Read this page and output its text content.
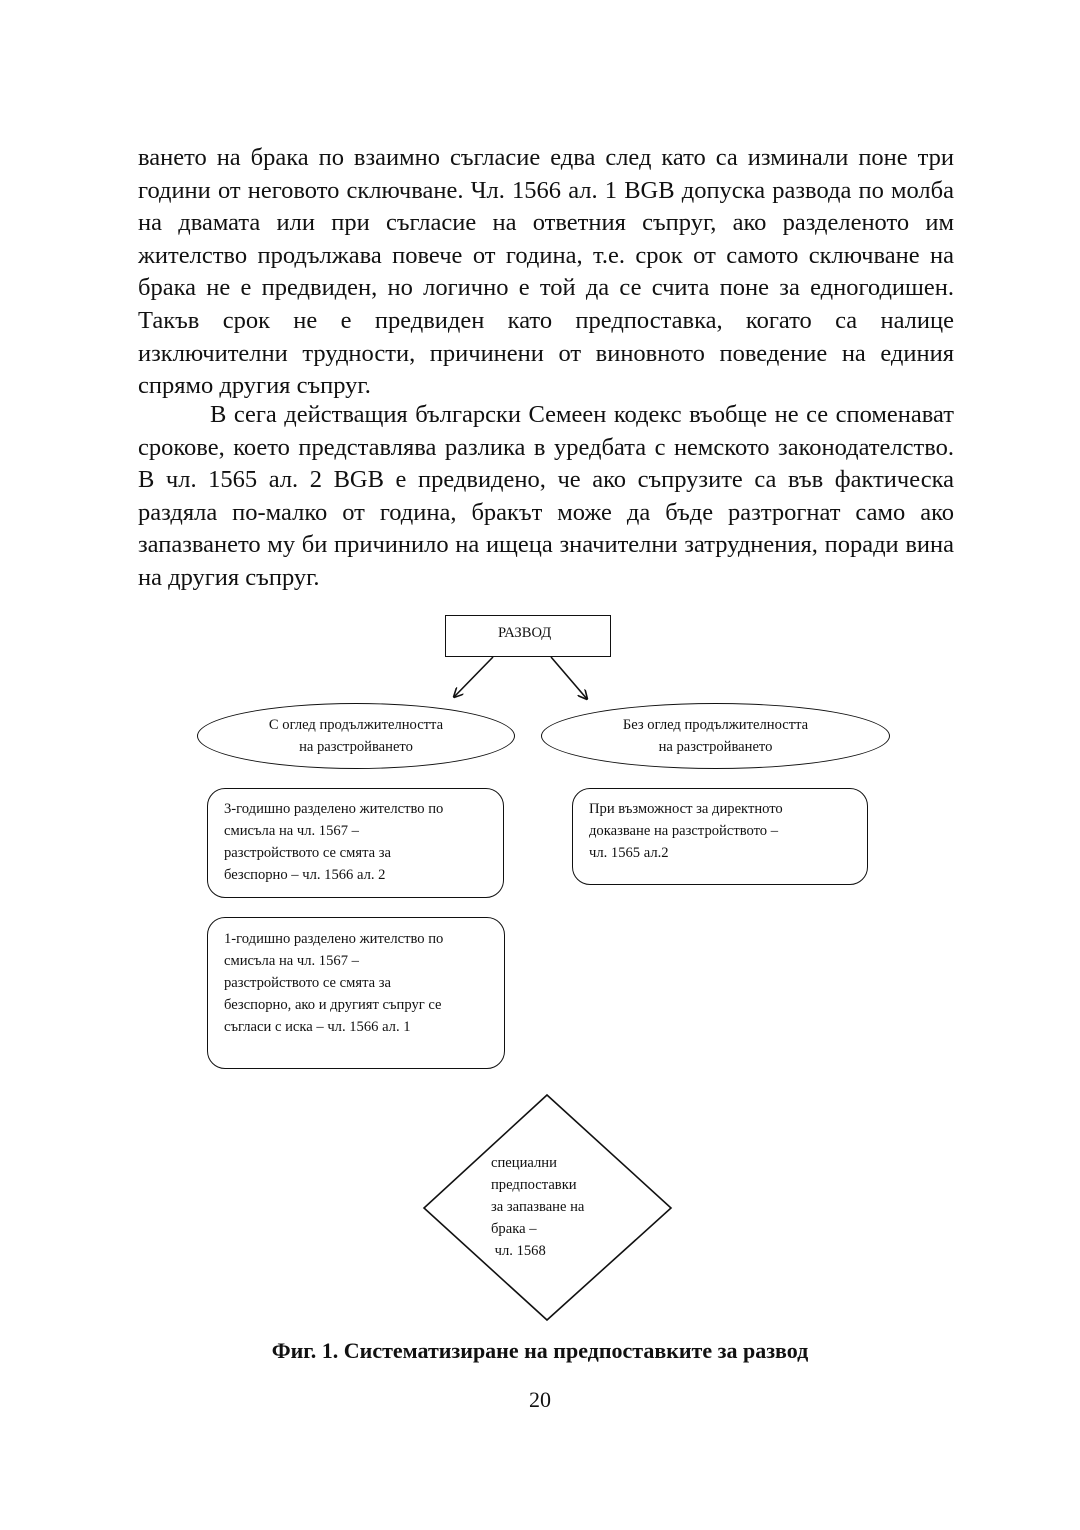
ването на брака по взаимно съгласие едва след като са изминали поне три години от неговото сключване. Чл. 1566 ал. 1 BGB допуска развода по молба на двамата или при съгласие на ответния съпруг, ако разделеното им жителство продължава повече от година, т.е. срок от самото сключване на брака не е предвиден, но логично е той да се счита поне за едногодишен. Такъв срок не е предвиден като предпоставка, когато са налице изключителни трудности, причинени от виновното поведение на единия спрямо другия съпруг.

В сега действащия български Семеен кодекс въобще не се споменават срокове, което представлява разлика в уредбата с немското законодателство. В чл. 1565 ал. 2 BGB е предвидено, че ако съпрузите са във фактическа раздяла по-малко от година, бракът може да бъде разтрогнат само ако запазването му би причинило на ищеца значителни затруднения, поради вина на другия съпруг.

РАЗВОД
С оглед продължителността
на разстройването
Без оглед продължителността
на разстройването
3-годишно разделено жителство по
смисъла на чл. 1567 –
разстройството се смята за
безспорно – чл. 1566 ал. 2
1-годишно разделено жителство по
смисъла на чл. 1567 –
разстройството се смята за
безспорно, ако и другият съпруг се
съгласи с иска – чл. 1566 ал. 1
При възможност за директното
доказване на разстройството –
чл. 1565 ал.2
специални
предпоставки
за запазване на
брака –
чл. 1568
Фиг. 1. Систематизиране на предпоставките за развод
20
